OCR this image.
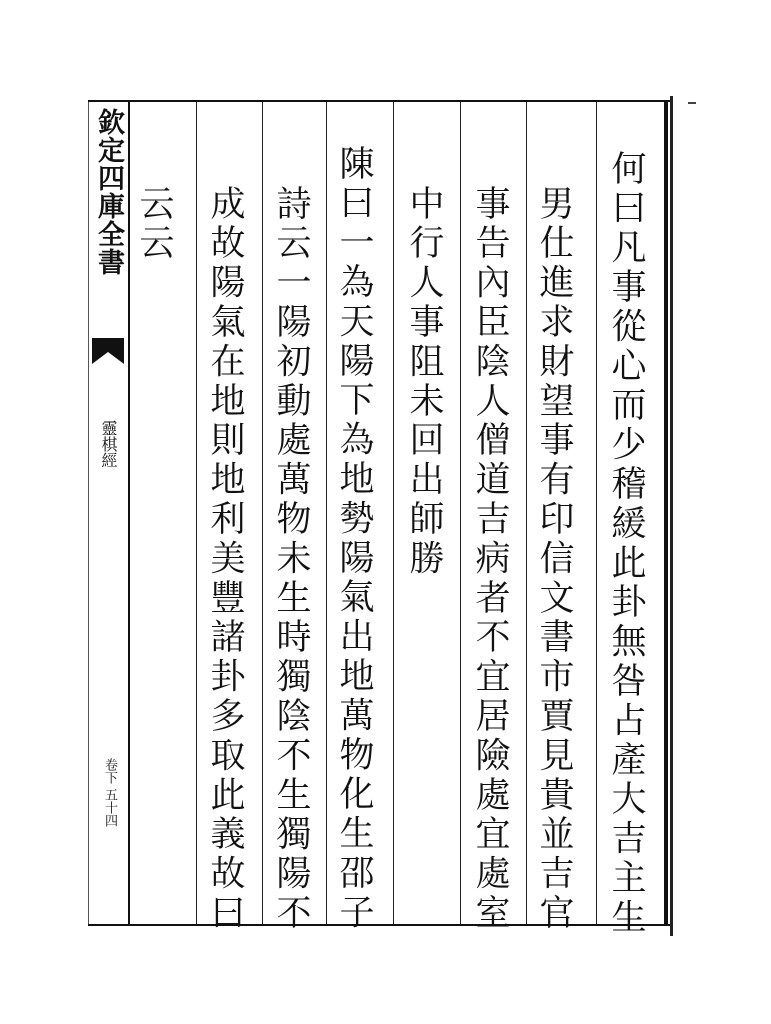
欽定四庫全書
靈棋經
卷下 五十四	何曰凡事從心而少稽緩此卦無咎占產大吉主生
男仕進求財望事有印信文書市賈見貴並吉官
事告內臣陰人僧道吉病者不宜居險處宜處室
中行人事阻未回出師勝
陳曰一為天陽下為地勢陽氣出地萬物化生邵子
詩云一陽初動處萬物未生時獨陰不生獨陽不
成故陽氣在地則地利美豐諸卦多取此義故曰
云云
